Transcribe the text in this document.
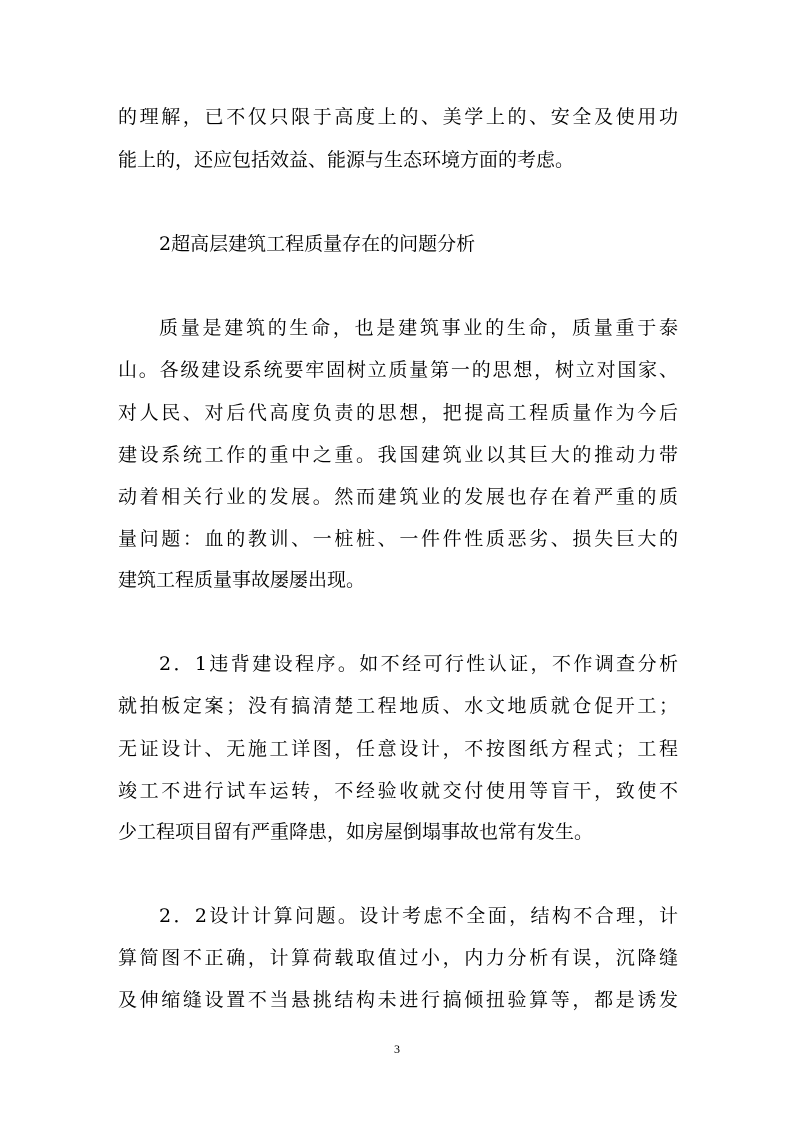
的理解，已不仅只限于高度上的、美学上的、安全及使用功
能上的，还应包括效益、能源与生态环境方面的考虑。
2超高层建筑工程质量存在的问题分析
质量是建筑的生命，也是建筑事业的生命，质量重于泰
山。各级建设系统要牢固树立质量第一的思想，树立对国家、
对人民、对后代高度负责的思想，把提高工程质量作为今后
建设系统工作的重中之重。我国建筑业以其巨大的推动力带
动着相关行业的发展。然而建筑业的发展也存在着严重的质
量问题：血的教训、一桩桩、一件件性质恶劣、损失巨大的
建筑工程质量事故屡屡出现。
2．1违背建设程序。如不经可行性认证，不作调查分析
就拍板定案；没有搞清楚工程地质、水文地质就仓促开工；
无证设计、无施工详图，任意设计，不按图纸方程式；工程
竣工不进行试车运转，不经验收就交付使用等盲干，致使不
少工程项目留有严重降患，如房屋倒塌事故也常有发生。
2．2设计计算问题。设计考虑不全面，结构不合理，计
算简图不正确，计算荷载取值过小，内力分析有误，沉降缝
及伸缩缝设置不当悬挑结构未进行搞倾扭验算等，都是诱发
3
